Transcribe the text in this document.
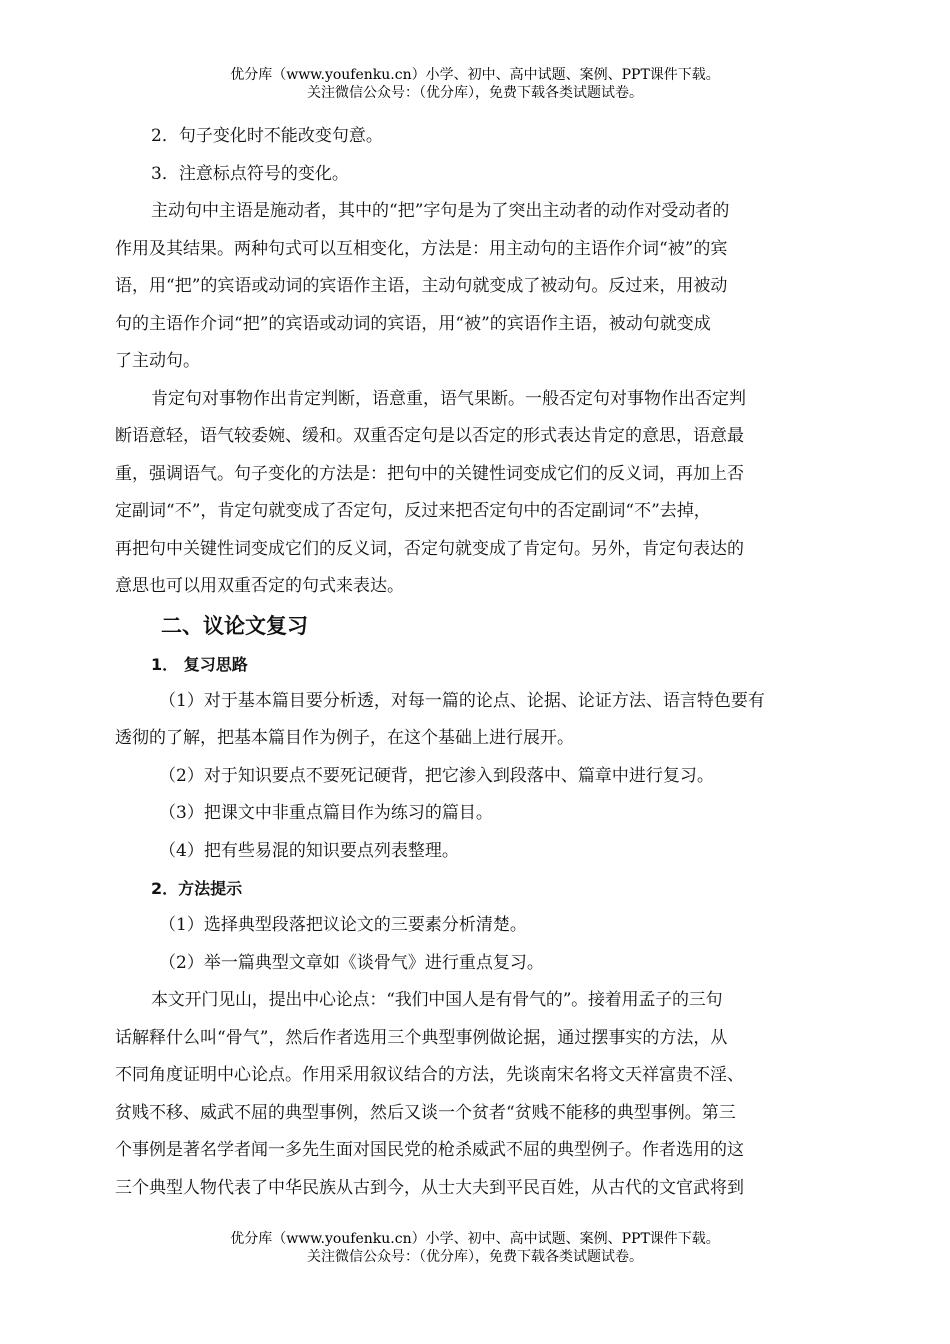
优分库（www.youfenku.cn）小学、初中、高中试题、案例、PPT课件下载。
关注微信公众号：（优分库），免费下载各类试题试卷。

2．句子变化时不能改变句意。

3．注意标点符号的变化。

主动句中主语是施动者，其中的“把”字句是为了突出主动者的动作对受动者的

作用及其结果。两种句式可以互相变化，方法是：用主动句的主语作介词“被”的宾

语，用“把”的宾语或动词的宾语作主语，主动句就变成了被动句。反过来，用被动

句的主语作介词“把”的宾语或动词的宾语，用“被”的宾语作主语，被动句就变成

了主动句。

肯定句对事物作出肯定判断，语意重，语气果断。一般否定句对事物作出否定判

断语意轻，语气较委婉、缓和。双重否定句是以否定的形式表达肯定的意思，语意最

重，强调语气。句子变化的方法是：把句中的关键性词变成它们的反义词，再加上否

定副词“不”，肯定句就变成了否定句，反过来把否定句中的否定副词“不”去掉，

再把句中关键性词变成它们的反义词，否定句就变成了肯定句。另外，肯定句表达的

意思也可以用双重否定的句式来表达。

二、议论文复习
1． 复习思路

（1）对于基本篇目要分析透，对每一篇的论点、论据、论证方法、语言特色要有

透彻的了解，把基本篇目作为例子，在这个基础上进行展开。

（2）对于知识要点不要死记硬背，把它渗入到段落中、篇章中进行复习。

（3）把课文中非重点篇目作为练习的篇目。

（4）把有些易混的知识要点列表整理。

2．方法提示

（1）选择典型段落把议论文的三要素分析清楚。

（2）举一篇典型文章如《谈骨气》进行重点复习。

本文开门见山，提出中心论点：“我们中国人是有骨气的”。接着用孟子的三句

话解释什么叫“骨气”，然后作者选用三个典型事例做论据，通过摆事实的方法，从

不同角度证明中心论点。作用采用叙议结合的方法，先谈南宋名将文天祥富贵不淫、

贫贱不移、威武不屈的典型事例，然后又谈一个贫者“贫贱不能移的典型事例。第三

个事例是著名学者闻一多先生面对国民党的枪杀威武不屈的典型例子。作者选用的这

三个典型人物代表了中华民族从古到今，从士大夫到平民百姓，从古代的文官武将到

优分库（www.youfenku.cn）小学、初中、高中试题、案例、PPT课件下载。
关注微信公众号：（优分库），免费下载各类试题试卷。
